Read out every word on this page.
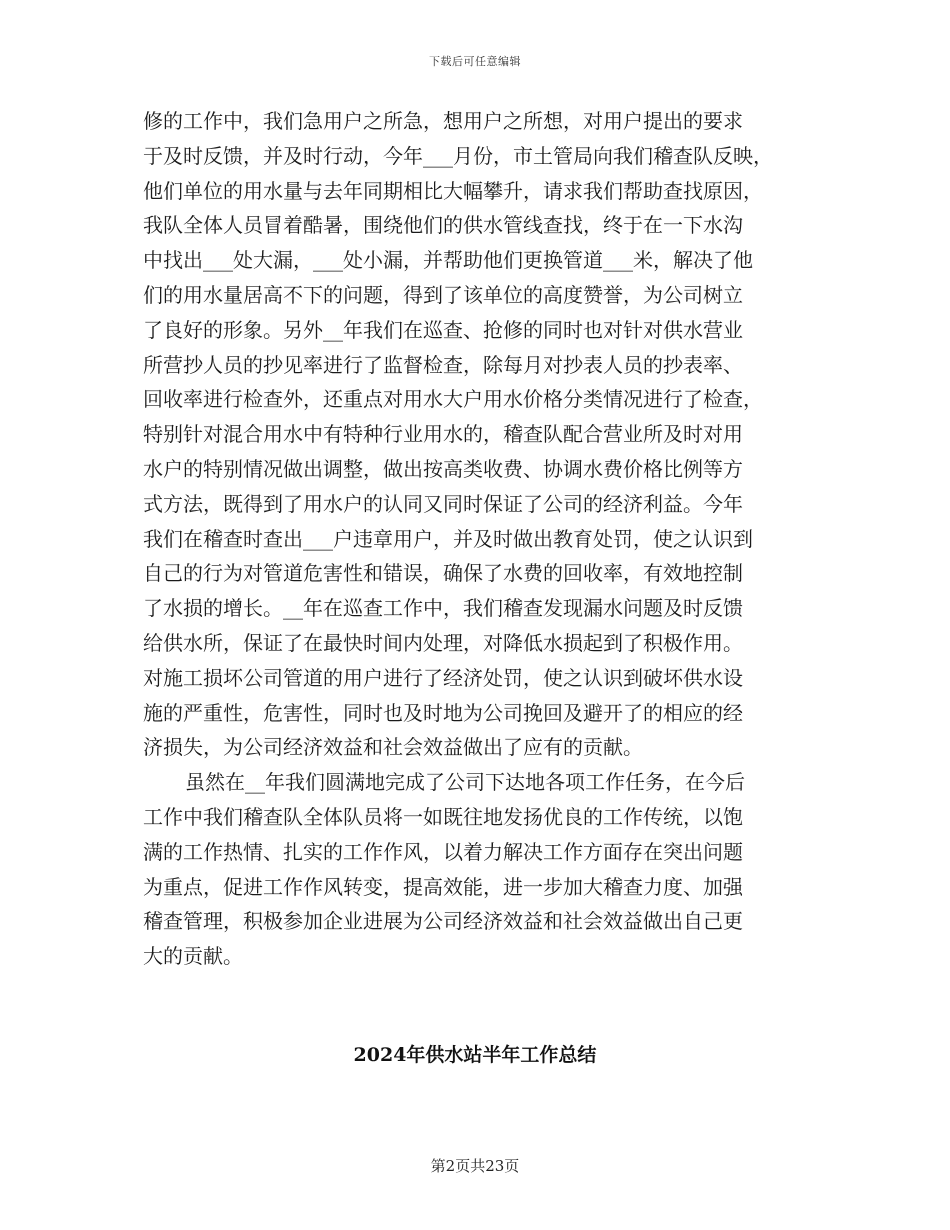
下载后可任意编辑
修的工作中，我们急用户之所急，想用户之所想，对用户提出的要求
于及时反馈，并及时行动，今年___月份，市土管局向我们稽查队反映，
他们单位的用水量与去年同期相比大幅攀升，请求我们帮助查找原因，
我队全体人员冒着酷暑，围绕他们的供水管线查找，终于在一下水沟
中找出___处大漏，___处小漏，并帮助他们更换管道___米，解决了他
们的用水量居高不下的问题，得到了该单位的高度赞誉，为公司树立
了良好的形象。另外__年我们在巡查、抢修的同时也对针对供水营业
所营抄人员的抄见率进行了监督检查，除每月对抄表人员的抄表率、
回收率进行检查外，还重点对用水大户用水价格分类情况进行了检查，
特别针对混合用水中有特种行业用水的，稽查队配合营业所及时对用
水户的特别情况做出调整，做出按高类收费、协调水费价格比例等方
式方法，既得到了用水户的认同又同时保证了公司的经济利益。今年
我们在稽查时查出___户违章用户，并及时做出教育处罚，使之认识到
自己的行为对管道危害性和错误，确保了水费的回收率，有效地控制
了水损的增长。__年在巡查工作中，我们稽查发现漏水问题及时反馈
给供水所，保证了在最快时间内处理，对降低水损起到了积极作用。
对施工损坏公司管道的用户进行了经济处罚，使之认识到破坏供水设
施的严重性，危害性，同时也及时地为公司挽回及避开了的相应的经
济损失，为公司经济效益和社会效益做出了应有的贡献。
虽然在__年我们圆满地完成了公司下达地各项工作任务，在今后
工作中我们稽查队全体队员将一如既往地发扬优良的工作传统，以饱
满的工作热情、扎实的工作作风，以着力解决工作方面存在突出问题
为重点，促进工作作风转变，提高效能，进一步加大稽查力度、加强
稽查管理，积极参加企业进展为公司经济效益和社会效益做出自己更
大的贡献。
2024年供水站半年工作总结
第2页共23页
